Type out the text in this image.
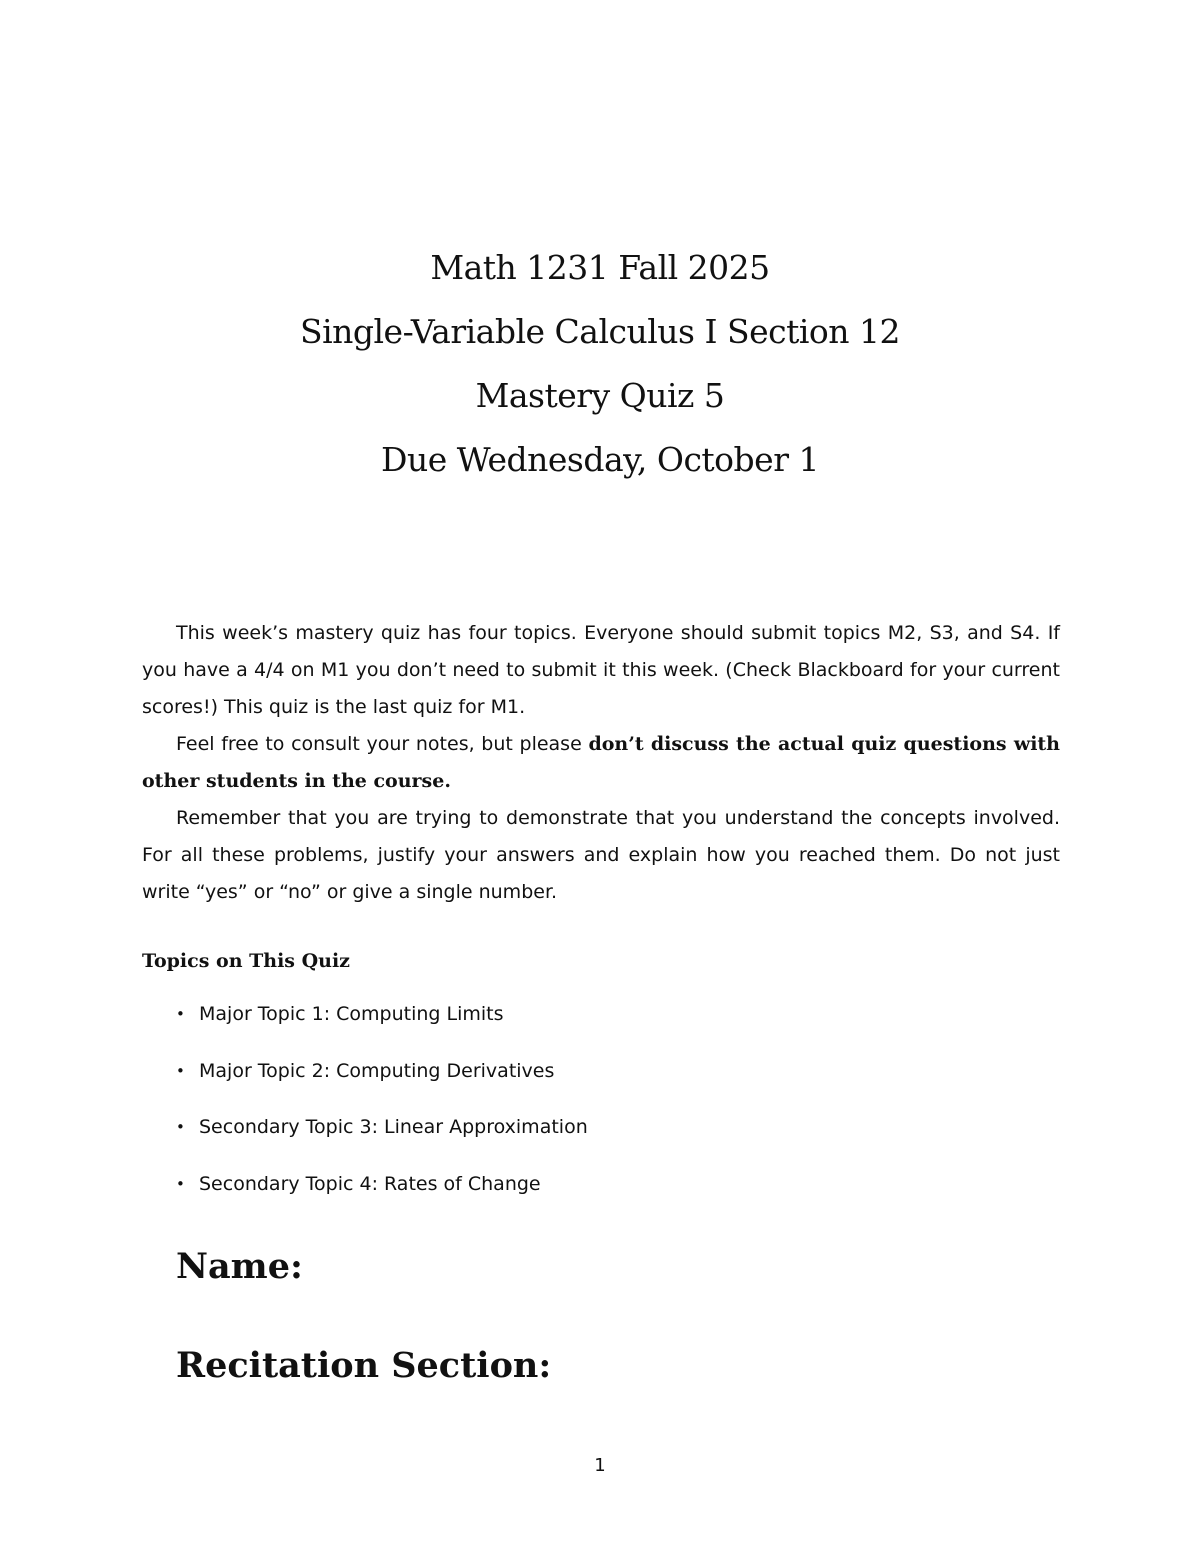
Math 1231 Fall 2025
Single-Variable Calculus I Section 12
Mastery Quiz 5
Due Wednesday, October 1

This week’s mastery quiz has four topics. Everyone should submit topics M2, S3, and S4. If you have a 4/4 on M1 you don’t need to submit it this week. (Check Blackboard for your current scores!) This quiz is the last quiz for M1.

Feel free to consult your notes, but please don’t discuss the actual quiz questions with other students in the course.

Remember that you are trying to demonstrate that you understand the concepts involved. For all these problems, justify your answers and explain how you reached them. Do not just write “yes” or “no” or give a single number.

Topics on This Quiz
• Major Topic 1: Computing Limits
• Major Topic 2: Computing Derivatives
• Secondary Topic 3: Linear Approximation
• Secondary Topic 4: Rates of Change
Name:
Recitation Section:
1
